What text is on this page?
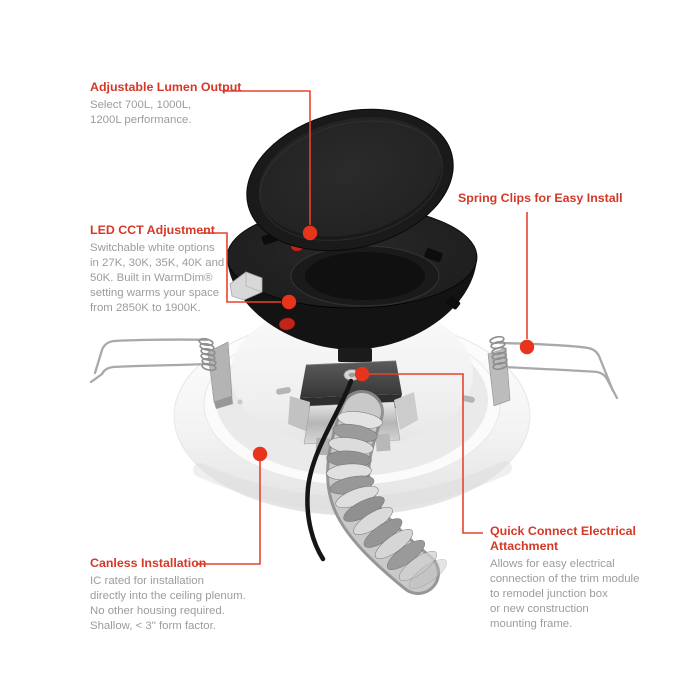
Adjustable Lumen Output
Select 700L, 1000L,
1200L performance.
LED CCT Adjustment
Switchable white options
in 27K, 30K, 35K, 40K and
50K. Built in WarmDim®
setting warms your space
from 2850K to 1900K.
Spring Clips for Easy Install
Quick Connect Electrical
Attachment
Allows for easy electrical
connection of the trim module
to remodel junction box
or new construction
mounting frame.
Canless Installation
IC rated for installation
directly into the ceiling plenum.
No other housing required.
Shallow, < 3" form factor.
